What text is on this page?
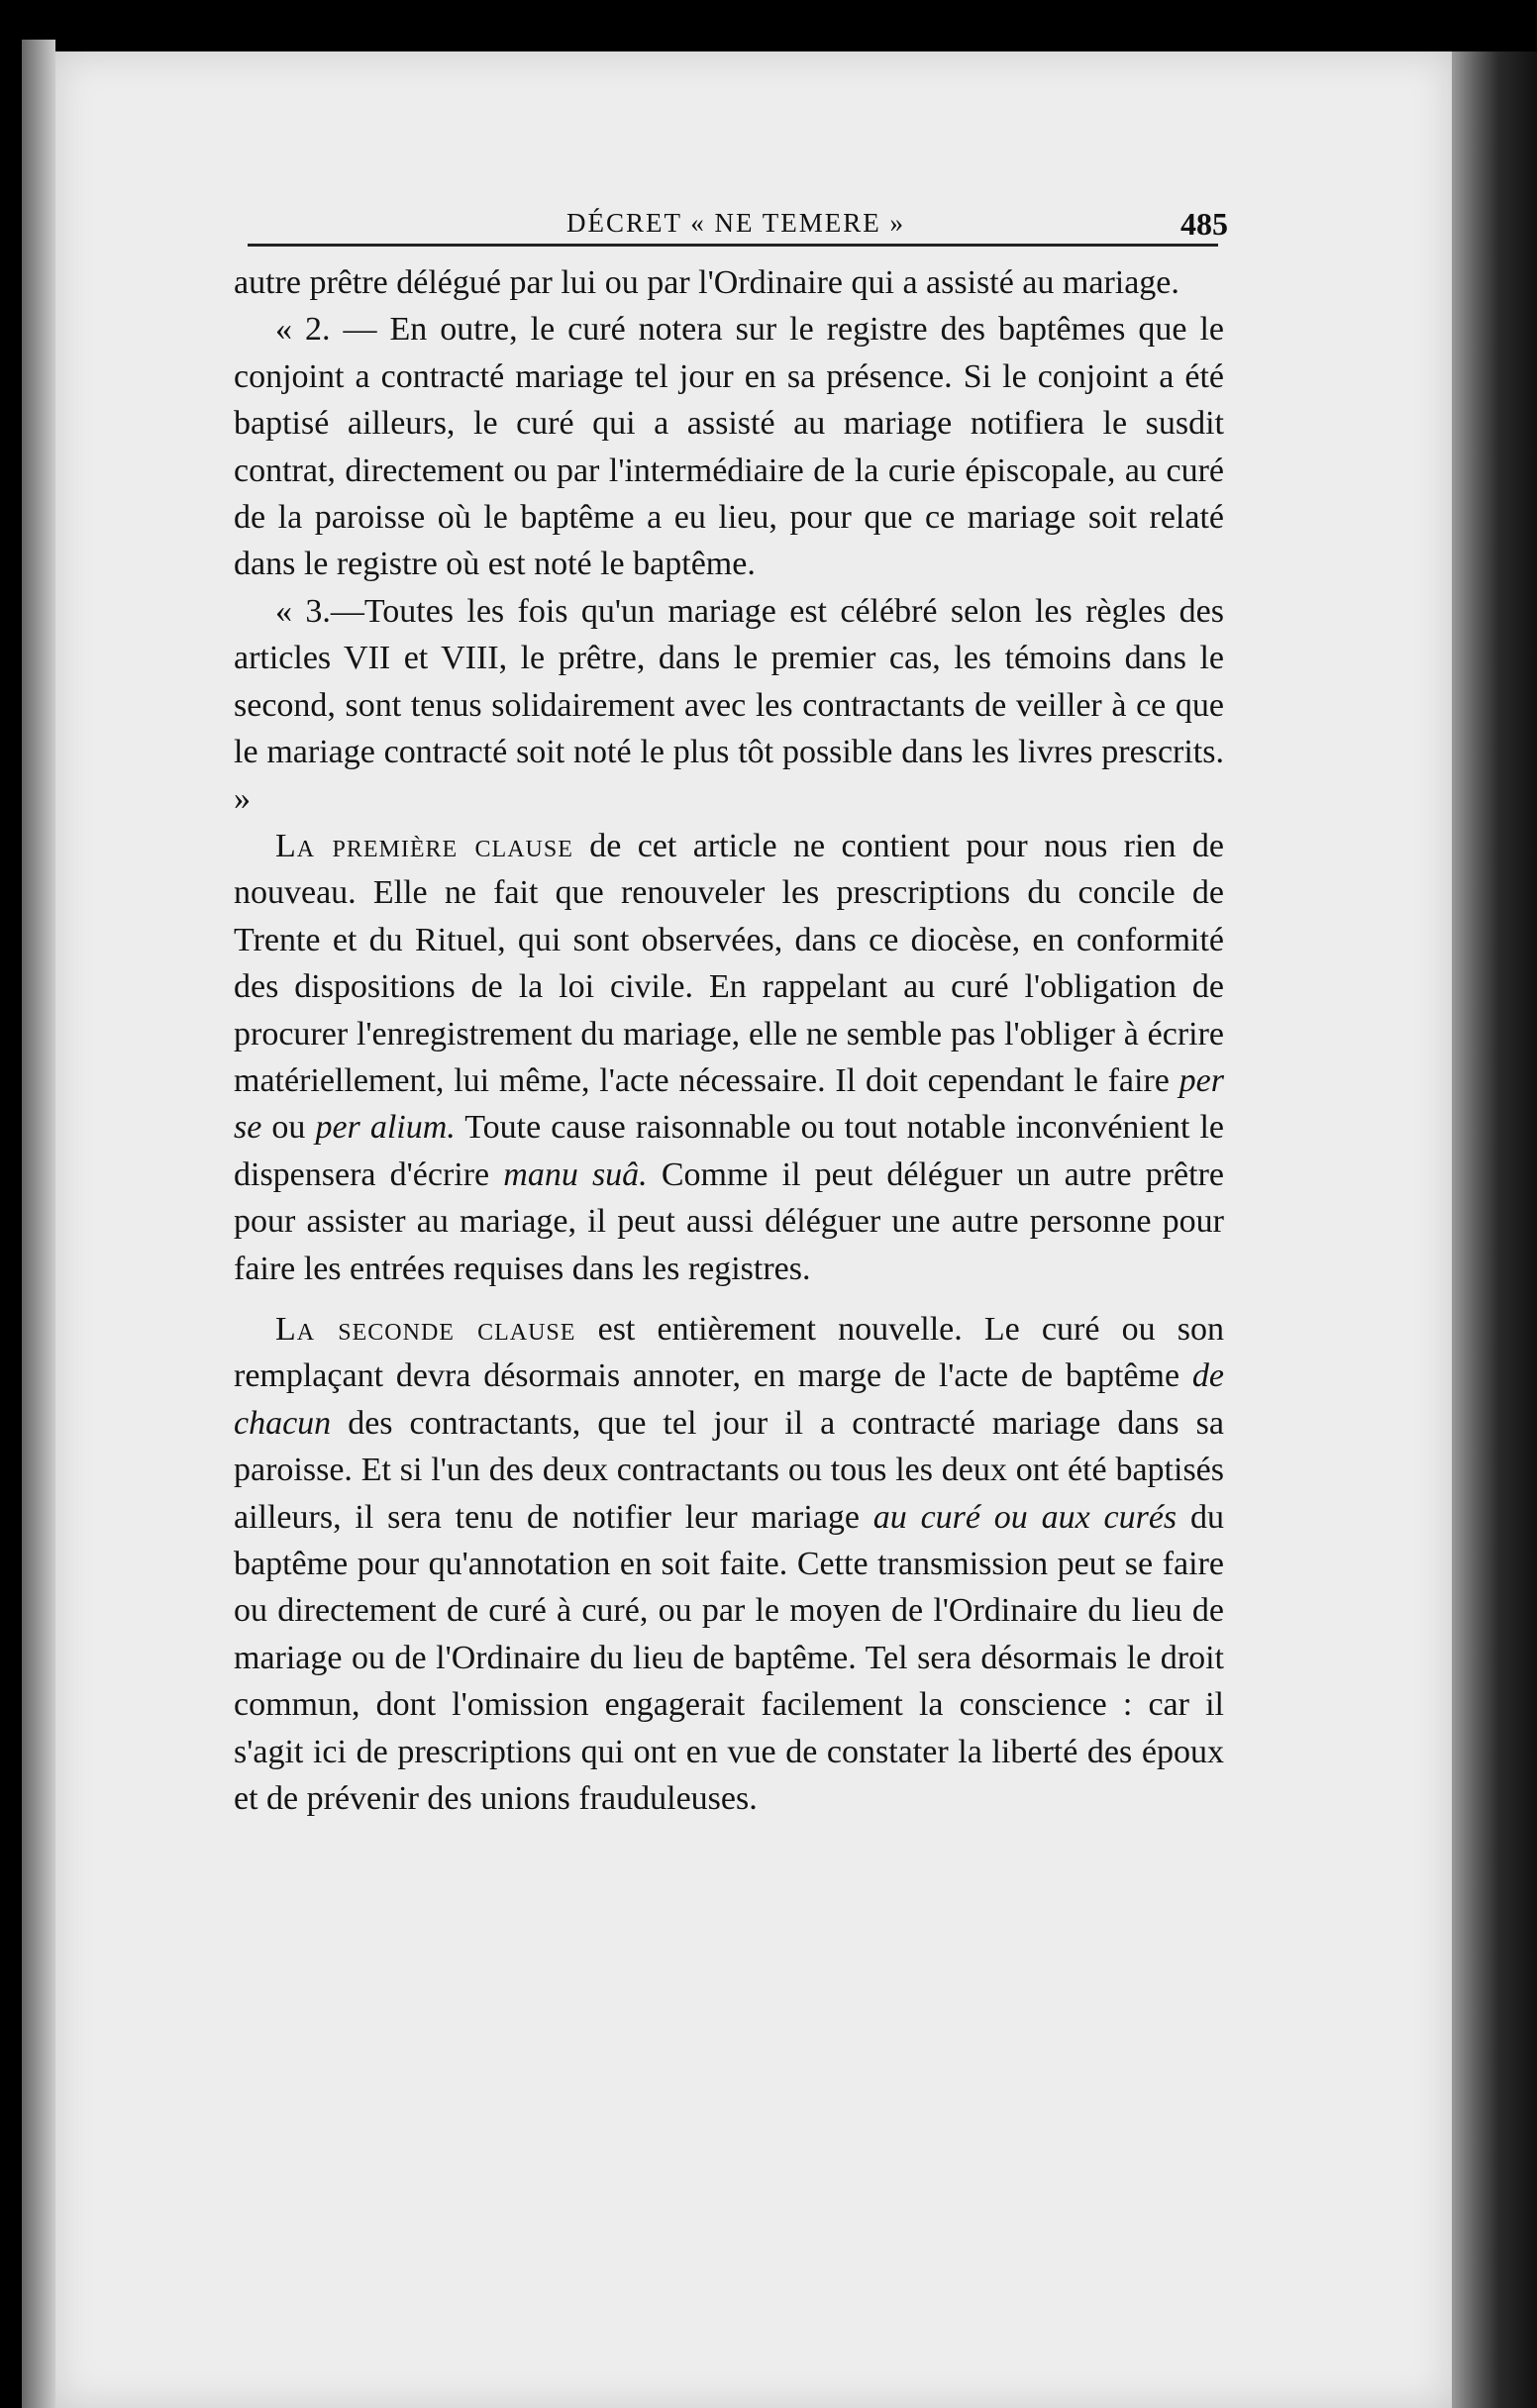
DÉCRET « NE TEMERE »	485

autre prêtre délégué par lui ou par l'Ordinaire qui a assisté au mariage.

« 2. — En outre, le curé notera sur le registre des baptêmes que le conjoint a contracté mariage tel jour en sa présence. Si le conjoint a été baptisé ailleurs, le curé qui a assisté au mariage notifiera le susdit contrat, directement ou par l'intermédiaire de la curie épiscopale, au curé de la paroisse où le baptême a eu lieu, pour que ce mariage soit relaté dans le registre où est noté le baptême.

« 3.—Toutes les fois qu'un mariage est célébré selon les règles des articles VII et VIII, le prêtre, dans le premier cas, les témoins dans le second, sont tenus solidairement avec les contractants de veiller à ce que le mariage contracté soit noté le plus tôt possible dans les livres prescrits. »

La première clause de cet article ne contient pour nous rien de nouveau. Elle ne fait que renouveler les prescriptions du concile de Trente et du Rituel, qui sont observées, dans ce diocèse, en conformité des dispositions de la loi civile. En rappelant au curé l'obligation de procurer l'enregistrement du mariage, elle ne semble pas l'obliger à écrire matériellement, lui même, l'acte nécessaire. Il doit cependant le faire per se ou per alium. Toute cause raisonnable ou tout notable inconvénient le dispensera d'écrire manu suâ. Comme il peut déléguer un autre prêtre pour assister au mariage, il peut aussi déléguer une autre personne pour faire les entrées requises dans les registres.

La seconde clause est entièrement nouvelle. Le curé ou son remplaçant devra désormais annoter, en marge de l'acte de baptême de chacun des contractants, que tel jour il a contracté mariage dans sa paroisse. Et si l'un des deux contractants ou tous les deux ont été baptisés ailleurs, il sera tenu de notifier leur mariage au curé ou aux curés du baptême pour qu'annotation en soit faite. Cette transmission peut se faire ou directement de curé à curé, ou par le moyen de l'Ordinaire du lieu de mariage ou de l'Ordinaire du lieu de baptême. Tel sera désormais le droit commun, dont l'omission engagerait facilement la conscience : car il s'agit ici de prescriptions qui ont en vue de constater la liberté des époux et de prévenir des unions frauduleuses.
